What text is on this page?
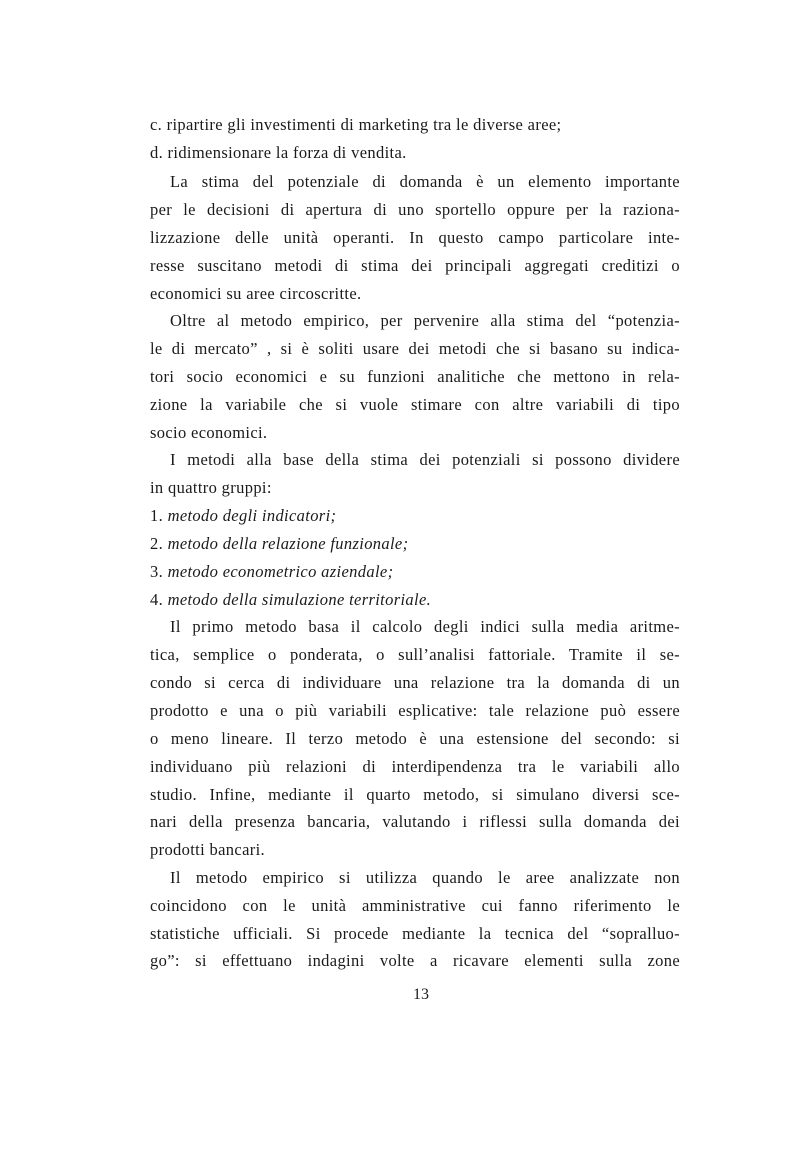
c. ripartire gli investimenti di marketing tra le diverse aree;
d. ridimensionare la forza di vendita.
La stima del potenziale di domanda è un elemento importante
per le decisioni di apertura di uno sportello oppure per la raziona-
lizzazione delle unità operanti. In questo campo particolare inte-
resse suscitano metodi di stima dei principali aggregati creditizi o
economici su aree circoscritte.
Oltre al metodo empirico, per pervenire alla stima del “potenzia-
le di mercato” , si è soliti usare dei metodi che si basano su indica-
tori socio economici e su funzioni analitiche che mettono in rela-
zione la variabile che si vuole stimare con altre variabili di tipo
socio economici.
I metodi alla base della stima dei potenziali si possono dividere
in quattro gruppi:
1. metodo degli indicatori;
2. metodo della relazione funzionale;
3. metodo econometrico aziendale;
4. metodo della simulazione territoriale.
Il primo metodo basa il calcolo degli indici sulla media aritme-
tica, semplice o ponderata, o sull’analisi fattoriale. Tramite il se-
condo si cerca di individuare una relazione tra la domanda di un
prodotto e una o più variabili esplicative: tale relazione può essere
o meno lineare. Il terzo metodo è una estensione del secondo: si
individuano più relazioni di interdipendenza tra le variabili allo
studio. Infine, mediante il quarto metodo, si simulano diversi sce-
nari della presenza bancaria, valutando i riflessi sulla domanda dei
prodotti bancari.
Il metodo empirico si utilizza quando le aree analizzate non
coincidono con le unità amministrative cui fanno riferimento le
statistiche ufficiali. Si procede mediante la tecnica del “sopralluo-
go”: si effettuano indagini volte a ricavare elementi sulla zone
13
